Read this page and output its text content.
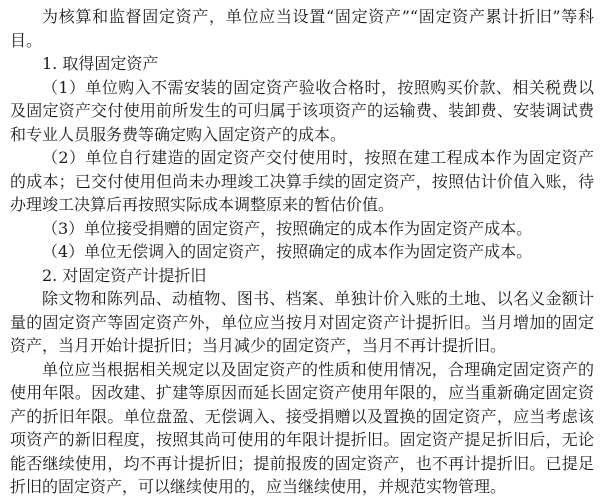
为核算和监督固定资产，单位应当设置“固定资产”“固定资产累计折旧”等科目。

1. 取得固定资产

（1）单位购入不需安装的固定资产验收合格时，按照购买价款、相关税费以及固定资产交付使用前所发生的可归属于该项资产的运输费、装卸费、安装调试费和专业人员服务费等确定购入固定资产的成本。

（2）单位自行建造的固定资产交付使用时，按照在建工程成本作为固定资产的成本；已交付使用但尚未办理竣工决算手续的固定资产，按照估计价值入账，待办理竣工决算后再按照实际成本调整原来的暂估价值。

（3）单位接受捐赠的固定资产，按照确定的成本作为固定资产成本。

（4）单位无偿调入的固定资产，按照确定的成本作为固定资产成本。

2. 对固定资产计提折旧

除文物和陈列品、动植物、图书、档案、单独计价入账的土地、以名义金额计量的固定资产等固定资产外，单位应当按月对固定资产计提折旧。当月增加的固定资产，当月开始计提折旧；当月减少的固定资产，当月不再计提折旧。

单位应当根据相关规定以及固定资产的性质和使用情况，合理确定固定资产的使用年限。因改建、扩建等原因而延长固定资产使用年限的，应当重新确定固定资产的折旧年限。单位盘盈、无偿调入、接受捐赠以及置换的固定资产，应当考虑该项资产的新旧程度，按照其尚可使用的年限计提折旧。固定资产提足折旧后，无论能否继续使用，均不再计提折旧；提前报废的固定资产，也不再计提折旧。已提足折旧的固定资产，可以继续使用的，应当继续使用，并规范实物管理。
